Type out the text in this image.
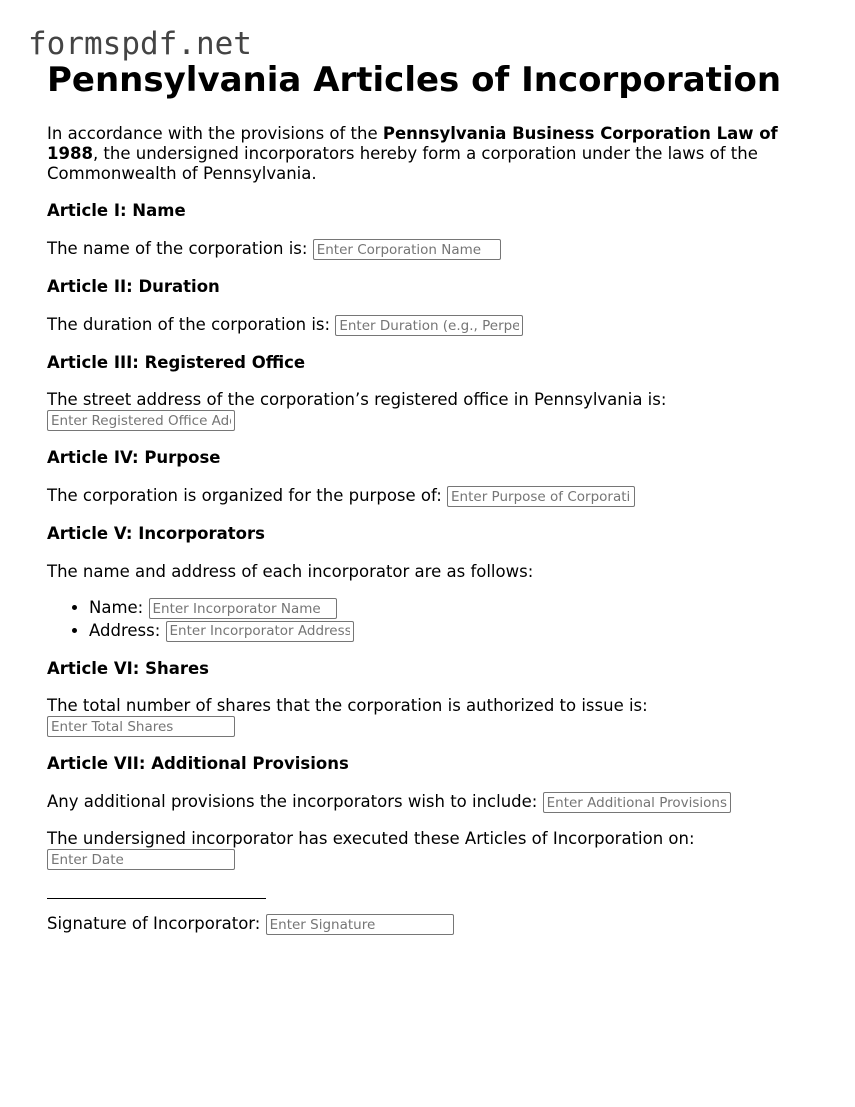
formspdf.net
Pennsylvania Articles of Incorporation

In accordance with the provisions of the Pennsylvania Business Corporation Law of 1988, the undersigned incorporators hereby form a corporation under the laws of the Commonwealth of Pennsylvania.

Article I: Name

The name of the corporation is: Enter Corporation Name

Article II: Duration

The duration of the corporation is: Enter Duration (e.g., Perpetual)

Article III: Registered Office

The street address of the corporation’s registered office in Pennsylvania is: Enter Registered Office Address

Article IV: Purpose

The corporation is organized for the purpose of: Enter Purpose of Corporation

Article V: Incorporators

The name and address of each incorporator are as follows:

• Name: Enter Incorporator Name
• Address: Enter Incorporator Address
Article VI: Shares

The total number of shares that the corporation is authorized to issue is: Enter Total Shares

Article VII: Additional Provisions

Any additional provisions the incorporators wish to include: Enter Additional Provisions

The undersigned incorporator has executed these Articles of Incorporation on: Enter Date

Signature of Incorporator: Enter Signature
